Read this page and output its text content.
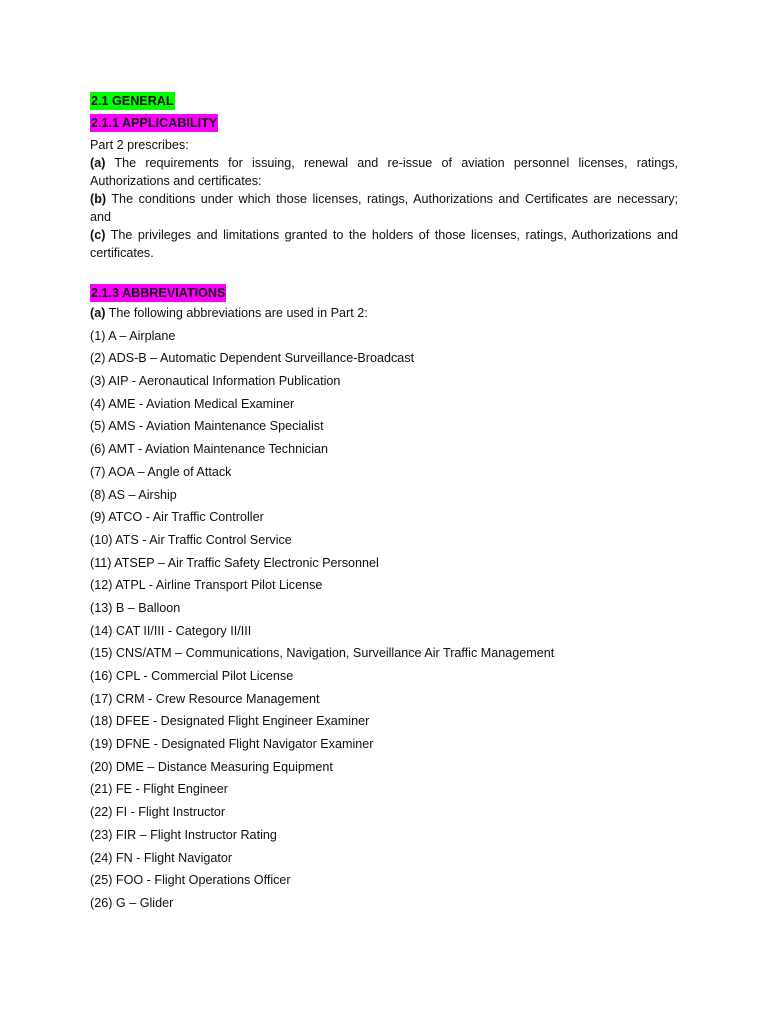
2.1 GENERAL
2.1.1 APPLICABILITY

Part 2 prescribes:

(a) The requirements for issuing, renewal and re-issue of aviation personnel licenses, ratings, Authorizations and certificates:

(b) The conditions under which those licenses, ratings, Authorizations and Certificates are necessary; and

(c) The privileges and limitations granted to the holders of those licenses, ratings, Authorizations and certificates.

2.1.3 ABBREVIATIONS

(a) The following abbreviations are used in Part 2:

(1) A – Airplane

(2) ADS-B – Automatic Dependent Surveillance-Broadcast

(3) AIP - Aeronautical Information Publication

(4) AME - Aviation Medical Examiner

(5) AMS - Aviation Maintenance Specialist

(6) AMT - Aviation Maintenance Technician

(7) AOA – Angle of Attack

(8) AS – Airship

(9) ATCO - Air Traffic Controller

(10) ATS - Air Traffic Control Service

(11) ATSEP – Air Traffic Safety Electronic Personnel

(12) ATPL - Airline Transport Pilot License

(13) B – Balloon

(14) CAT II/III - Category II/III

(15) CNS/ATM – Communications, Navigation, Surveillance Air Traffic Management

(16) CPL - Commercial Pilot License

(17) CRM - Crew Resource Management

(18) DFEE - Designated Flight Engineer Examiner

(19) DFNE - Designated Flight Navigator Examiner

(20) DME – Distance Measuring Equipment

(21) FE - Flight Engineer

(22) FI - Flight Instructor

(23) FIR – Flight Instructor Rating

(24) FN - Flight Navigator

(25) FOO - Flight Operations Officer

(26) G – Glider
